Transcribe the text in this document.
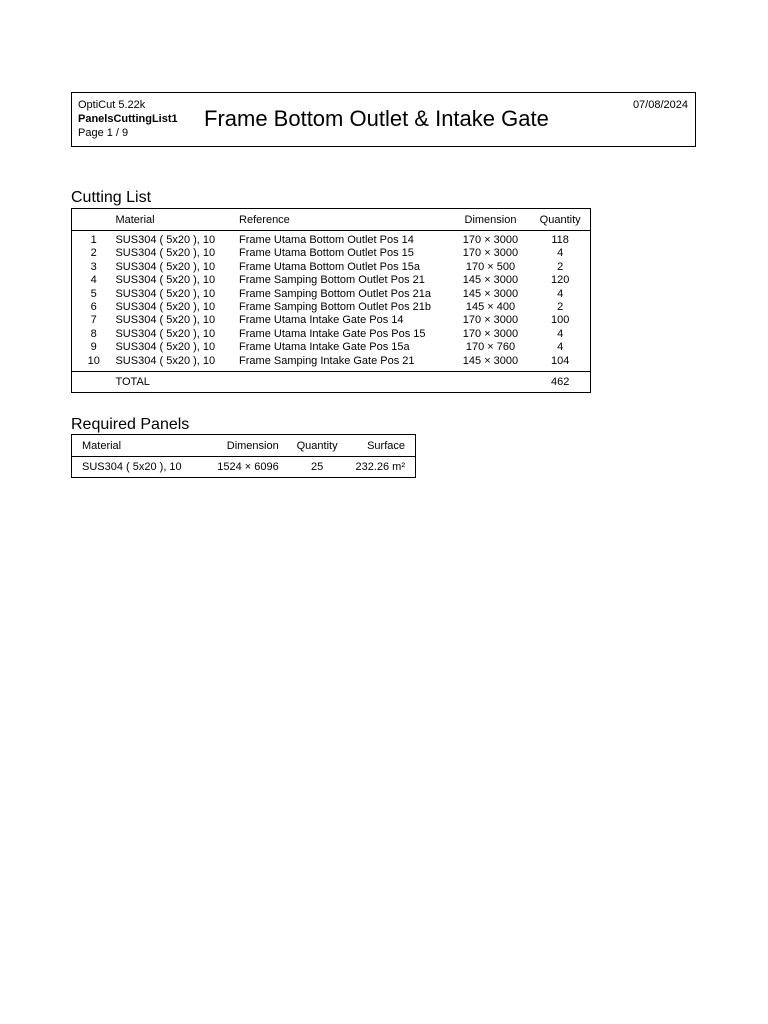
OptiCut 5.22k
PanelsCuttingList1
Page 1 / 9
Frame Bottom Outlet & Intake Gate
07/08/2024
Cutting List
	Material	Reference	Dimension	Quantity
1	SUS304 ( 5x20 ), 10	Frame Utama Bottom Outlet Pos 14	170 × 3000	118
2	SUS304 ( 5x20 ), 10	Frame Utama Bottom Outlet Pos 15	170 × 3000	4
3	SUS304 ( 5x20 ), 10	Frame Utama Bottom Outlet Pos 15a	170 × 500	2
4	SUS304 ( 5x20 ), 10	Frame Samping Bottom Outlet Pos 21	145 × 3000	120
5	SUS304 ( 5x20 ), 10	Frame Samping Bottom Outlet Pos 21a	145 × 3000	4
6	SUS304 ( 5x20 ), 10	Frame Samping Bottom Outlet Pos 21b	145 × 400	2
7	SUS304 ( 5x20 ), 10	Frame Utama Intake Gate Pos 14	170 × 3000	100
8	SUS304 ( 5x20 ), 10	Frame Utama Intake Gate Pos Pos 15	170 × 3000	4
9	SUS304 ( 5x20 ), 10	Frame Utama Intake Gate Pos 15a	170 × 760	4
10	SUS304 ( 5x20 ), 10	Frame Samping Intake Gate Pos 21	145 × 3000	104
	TOTAL			462
Required Panels
Material	Dimension	Quantity	Surface
SUS304 ( 5x20 ), 10	1524 × 6096	25	232.26 m²
